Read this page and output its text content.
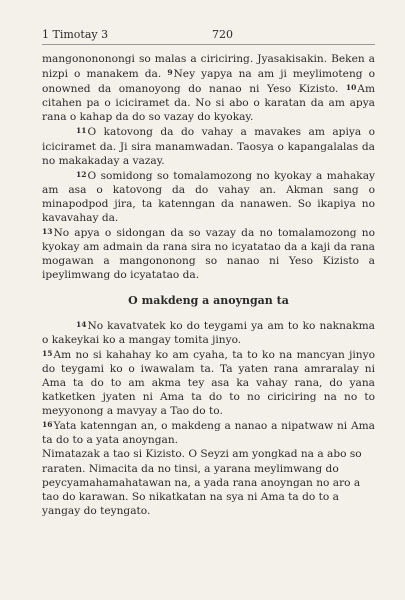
1 Timotay 3	720

mangonononongi so malas a ciriciring. Jyasakisakin. Beken a nizpi o manakem da. 9Ney yapya na am ji meylimoteng o onowned da omanoyong do nanao ni Yeso Kizisto. 10Am citahen pa o iciciramet da. No si abo o karatan da am apya rana o kahap da do so vazay do kyokay.

11O katovong da do vahay a mavakes am apiya o iciciramet da. Ji sira manamwadan. Taosya o kapangalalas da no makakaday a vazay.

12O somidong so tomalamozong no kyokay a mahakay am asa o katovong da do vahay an. Akman sang o minapodpod jira, ta katenngan da nanawen. So ikapiya no kavavahay da.

13No apya o sidongan da so vazay da no tomalamozong no kyokay am admain da rana sira no icyatatao da a kaji da rana mogawan a mangononong so nanao ni Yeso Kizisto a ipeylimwang do icyatatao da.

O makdeng a anoyngan ta

14No kavatvatek ko do teygami ya am to ko naknakma o kakeykai ko a mangay tomita jinyo.

15Am no si kahahay ko am cyaha, ta to ko na mancyan jinyo do teygami ko o iwawalam ta. Ta yaten rana amraralay ni Ama ta do to am akma tey asa ka vahay rana, do yana katketken jyaten ni Ama ta do to no ciriciring na no to meyyonong a mavyay a Tao do to.

16Yata katenngan an, o makdeng a nanao a nipatwaw ni Ama ta do to a yata anoyngan.

Nimatazak a tao si Kizisto. O Seyzi am yongkad na a abo so raraten. Nimacita da no tinsi, a yarana meylimwang do peycyamahamahatawan na, a yada rana anoyngan no aro a tao do karawan. So nikatkatan na sya ni Ama ta do to a yangay do teyngato.
